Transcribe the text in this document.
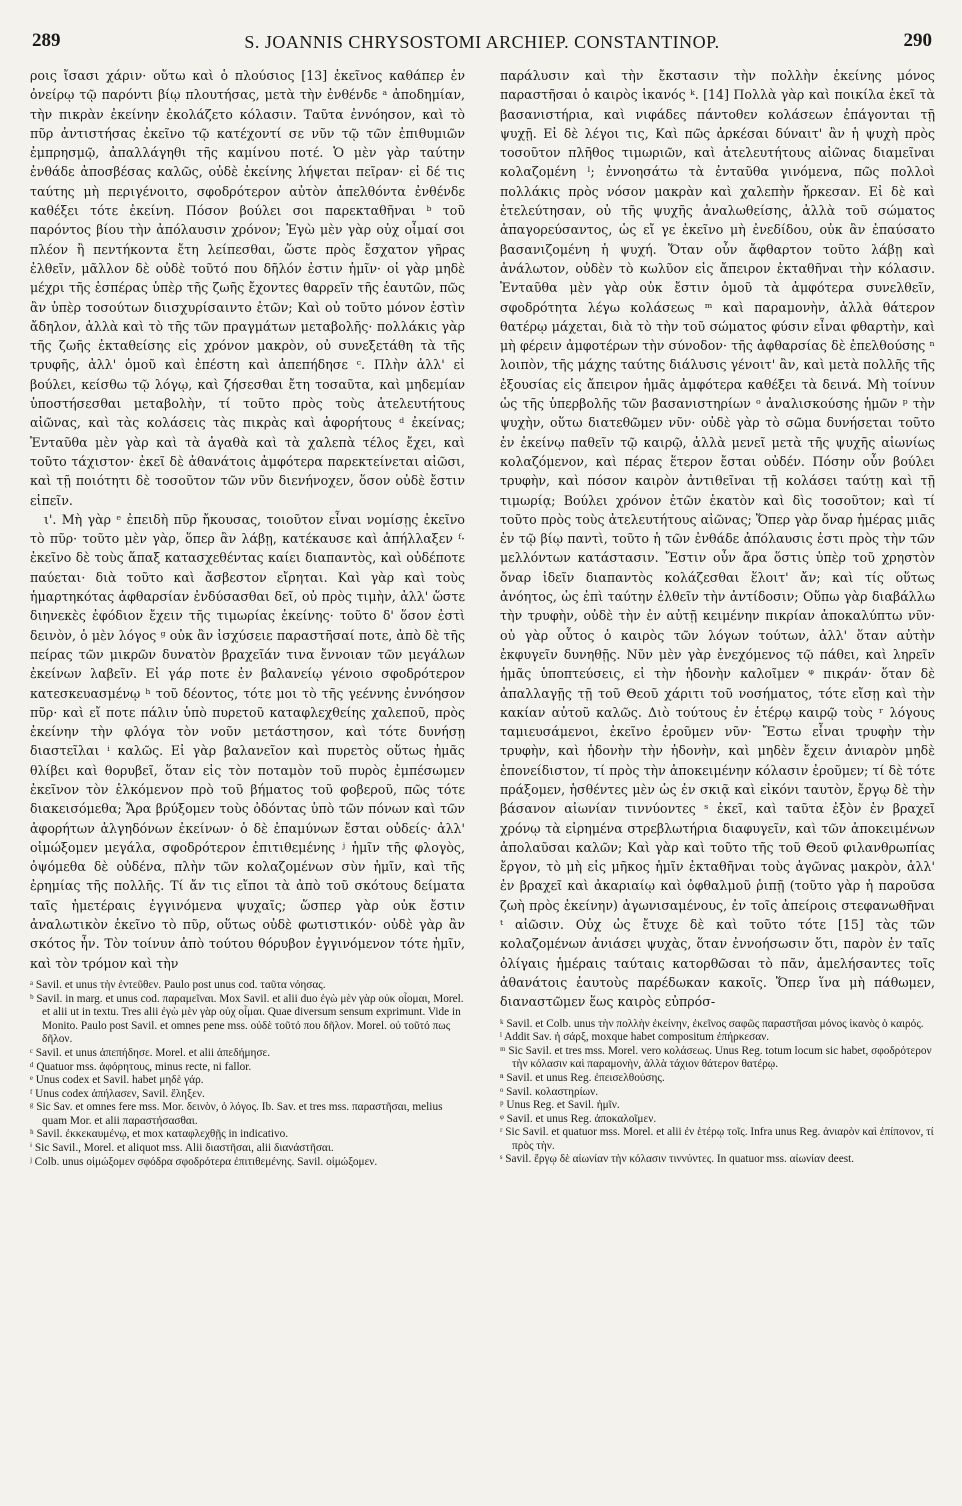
289	S. JOANNIS CHRYSOSTOMI ARCHIEP. CONSTANTINOP.	290

ροις ἴσασι χάριν· οὕτω καὶ ὁ πλούσιος [13] ἐκεῖνος καθάπερ ἐν ὀνείρῳ τῷ παρόντι βίῳ πλουτήσας, μετὰ τὴν ἐνθένδε ᵃ ἀποδημίαν, τὴν πικρὰν ἐκείνην ἐκολάζετο κόλασιν. Ταῦτα ἐννόησον, καὶ τὸ πῦρ ἀντιστήσας ἐκεῖνο τῷ κατέχοντί σε νῦν τῷ τῶν ἐπιθυμιῶν ἐμπρησμῷ, ἀπαλλάγηθι τῆς καμίνου ποτέ. Ὁ μὲν γὰρ ταύτην ἐνθάδε ἀποσβέσας καλῶς, οὐδὲ ἐκείνης λήψεται πεῖραν· εἰ δέ τις ταύτης μὴ περιγένοιτο, σφοδρότερον αὐτὸν ἀπελθόντα ἐνθένδε καθέξει τότε ἐκείνη. Πόσον βούλει σοι παρεκταθῆναι ᵇ τοῦ παρόντος βίου τὴν ἀπόλαυσιν χρόνον; Ἐγὼ μὲν γὰρ οὐχ οἶμαί σοι πλέον ἢ πεντήκοντα ἔτη λείπεσθαι, ὥστε πρὸς ἔσχατον γῆρας ἐλθεῖν, μᾶλλον δὲ οὐδὲ τοῦτό που δῆλόν ἐστιν ἡμῖν· οἱ γὰρ μηδὲ μέχρι τῆς ἑσπέρας ὑπὲρ τῆς ζωῆς ἔχοντες θαρρεῖν τῆς ἑαυτῶν, πῶς ἂν ὑπὲρ τοσούτων διισχυρίσαιντο ἐτῶν; Καὶ οὐ τοῦτο μόνον ἐστὶν ἄδηλον, ἀλλὰ καὶ τὸ τῆς τῶν πραγμάτων μεταβολῆς· πολλάκις γὰρ τῆς ζωῆς ἐκταθείσης εἰς χρόνον μακρὸν, οὐ συνεξετάθη τὰ τῆς τρυφῆς, ἀλλ' ὁμοῦ καὶ ἐπέστη καὶ ἀπεπήδησε ᶜ. Πλὴν ἀλλ' εἰ βούλει, κείσθω τῷ λόγῳ, καὶ ζήσεσθαι ἔτη τοσαῦτα, καὶ μηδεμίαν ὑποστήσεσθαι μεταβολὴν, τί τοῦτο πρὸς τοὺς ἀτελευτήτους αἰῶνας, καὶ τὰς κολάσεις τὰς πικρὰς καὶ ἀφορήτους ᵈ ἐκείνας; Ἐνταῦθα μὲν γὰρ καὶ τὰ ἀγαθὰ καὶ τὰ χαλεπὰ τέλος ἔχει, καὶ τοῦτο τάχιστον· ἐκεῖ δὲ ἀθανάτοις ἀμφότερα παρεκτείνεται αἰῶσι, καὶ τῇ ποιότητι δὲ τοσοῦτον τῶν νῦν διενήνοχεν, ὅσον οὐδὲ ἔστιν εἰπεῖν.

ι'. Μὴ γὰρ ᵉ ἐπειδὴ πῦρ ἤκουσας, τοιοῦτον εἶναι νομίσῃς ἐκεῖνο τὸ πῦρ· τοῦτο μὲν γὰρ, ὅπερ ἂν λάβῃ, κατέκαυσε καὶ ἀπήλλαξεν ᶠ· ἐκεῖνο δὲ τοὺς ἅπαξ κατασχεθέντας καίει διαπαντὸς, καὶ οὐδέποτε παύεται· διὰ τοῦτο καὶ ἄσβεστον εἴρηται. Καὶ γὰρ καὶ τοὺς ἡμαρτηκότας ἀφθαρσίαν ἐνδύσασθαι δεῖ, οὐ πρὸς τιμὴν, ἀλλ' ὥστε διηνεκὲς ἐφόδιον ἔχειν τῆς τιμωρίας ἐκείνης· τοῦτο δ' ὅσον ἐστὶ δεινὸν, ὁ μὲν λόγος ᵍ οὐκ ἂν ἰσχύσειε παραστῆσαί ποτε, ἀπὸ δὲ τῆς πείρας τῶν μικρῶν δυνατὸν βραχεῖάν τινα ἔννοιαν τῶν μεγάλων ἐκείνων λαβεῖν. Εἰ γάρ ποτε ἐν βαλανείῳ γένοιο σφοδρότερον κατεσκευασμένῳ ʰ τοῦ δέοντος, τότε μοι τὸ τῆς γεέννης ἐννόησον πῦρ· καὶ εἴ ποτε πάλιν ὑπὸ πυρετοῦ καταφλεχθείης χαλεποῦ, πρὸς ἐκείνην τὴν φλόγα τὸν νοῦν μετάστησον, καὶ τότε δυνήσῃ διαστεῖλαι ⁱ καλῶς. Εἰ γὰρ βαλανεῖον καὶ πυρετὸς οὕτως ἡμᾶς θλίβει καὶ θορυβεῖ, ὅταν εἰς τὸν ποταμὸν τοῦ πυρὸς ἐμπέσωμεν ἐκεῖνον τὸν ἑλκόμενον πρὸ τοῦ βήματος τοῦ φοβεροῦ, πῶς τότε διακεισόμεθα; Ἄρα βρύξομεν τοὺς ὀδόντας ὑπὸ τῶν πόνων καὶ τῶν ἀφορήτων ἀλγηδόνων ἐκείνων· ὁ δὲ ἐπαμύνων ἔσται οὐδείς· ἀλλ' οἰμώξομεν μεγάλα, σφοδρότερον ἐπιτιθεμένης ʲ ἡμῖν τῆς φλογὸς, ὀψόμεθα δὲ οὐδένα, πλὴν τῶν κολαζομένων σὺν ἡμῖν, καὶ τῆς ἐρημίας τῆς πολλῆς. Τί ἄν τις εἴποι τὰ ἀπὸ τοῦ σκότους δείματα ταῖς ἡμετέραις ἐγγινόμενα ψυχαῖς; ὥσπερ γὰρ οὐκ ἔστιν ἀναλωτικὸν ἐκεῖνο τὸ πῦρ, οὕτως οὐδὲ φωτιστικόν· οὐδὲ γὰρ ἂν σκότος ἦν. Τὸν τοίνυν ἀπὸ τούτου θόρυβον ἐγγινόμενον τότε ἡμῖν, καὶ τὸν τρόμον καὶ τὴν

ᵃ Savil. et unus τὴν ἐντεῦθεν. Paulo post unus cod. ταῦτα νόησας.
ᵇ Savil. in marg. et unus cod. παραμεῖναι. Mox Savil. et alii duo ἐγὼ μὲν γὰρ οὐκ οἶομαι, Morel. et alii ut in textu. Tres alii ἐγὼ μὲν γὰρ οὐχ οἶμαι. Quae diversum sensum exprimunt. Vide in Monito. Paulo post Savil. et omnes pene mss. οὐδὲ τοῦτό που δῆλον. Morel. οὐ τοῦτό πως δῆλον.
ᶜ Savil. et unus ἀπεπήδησε. Morel. et alii ἀπεδήμησε.
ᵈ Quatuor mss. ἀφόρητους, minus recte, ni fallor.
ᵉ Unus codex et Savil. habet μηδὲ γάρ.
ᶠ Unus codex ἀπήλασεν, Savil. ἔληξεν.
ᵍ Sic Sav. et omnes fere mss. Mor. δεινὸν, ὁ λόγος. Ib. Sav. et tres mss. παραστῆσαι, melius quam Mor. et alii παραστήσασθαι.
ʰ Savil. ἐκκεκαυμένῳ, et mox καταφλεχθῇς in indicativo.
ⁱ Sic Savil., Morel. et aliquot mss. Alii διαστῆσαι, alii διανάστῆσαι.
ʲ Colb. unus οἰμώξομεν σφόδρα σφοδρότερα ἐπιτιθεμένης. Savil. οἰμώξομεν.

παράλυσιν καὶ τὴν ἔκστασιν τὴν πολλὴν ἐκείνης μόνος παραστῆσαι ὁ καιρὸς ἱκανός ᵏ. [14] Πολλὰ γὰρ καὶ ποικίλα ἐκεῖ τὰ βασανιστήρια, καὶ νιφάδες πάντοθεν κολάσεων ἐπάγονται τῇ ψυχῇ. Εἰ δὲ λέγοι τις, Καὶ πῶς ἀρκέσαι δύναιτ' ἂν ἡ ψυχὴ πρὸς τοσοῦτον πλῆθος τιμωριῶν, καὶ ἀτελευτήτους αἰῶνας διαμεῖναι κολαζομένη ˡ; ἐννοησάτω τὰ ἐνταῦθα γινόμενα, πῶς πολλοὶ πολλάκις πρὸς νόσον μακρὰν καὶ χαλεπὴν ἤρκεσαν. Εἰ δὲ καὶ ἐτελεύτησαν, οὐ τῆς ψυχῆς ἀναλωθείσης, ἀλλὰ τοῦ σώματος ἀπαγορεύσαντος, ὡς εἴ γε ἐκεῖνο μὴ ἐνεδίδου, οὐκ ἂν ἐπαύσατο βασανιζομένη ἡ ψυχή. Ὅταν οὖν ἄφθαρτον τοῦτο λάβῃ καὶ ἀνάλωτον, οὐδὲν τὸ κωλῦον εἰς ἄπειρον ἐκταθῆναι τὴν κόλασιν. Ἐνταῦθα μὲν γὰρ οὐκ ἔστιν ὁμοῦ τὰ ἀμφότερα συνελθεῖν, σφοδρότητα λέγω κολάσεως ᵐ καὶ παραμονὴν, ἀλλὰ θάτερον θατέρῳ μάχεται, διὰ τὸ τὴν τοῦ σώματος φύσιν εἶναι φθαρτὴν, καὶ μὴ φέρειν ἀμφοτέρων τὴν σύνοδον· τῆς ἀφθαρσίας δὲ ἐπελθούσης ⁿ λοιπὸν, τῆς μάχης ταύτης διάλυσις γένοιτ' ἂν, καὶ μετὰ πολλῆς τῆς ἐξουσίας εἰς ἄπειρον ἡμᾶς ἀμφότερα καθέξει τὰ δεινά. Μὴ τοίνυν ὡς τῆς ὑπερβολῆς τῶν βασανιστηρίων ᵒ ἀναλισκούσης ἡμῶν ᵖ τὴν ψυχὴν, οὕτω διατεθῶμεν νῦν· οὐδὲ γὰρ τὸ σῶμα δυνήσεται τοῦτο ἐν ἐκείνῳ παθεῖν τῷ καιρῷ, ἀλλὰ μενεῖ μετὰ τῆς ψυχῆς αἰωνίως κολαζόμενον, καὶ πέρας ἕτερον ἔσται οὐδέν. Πόσην οὖν βούλει τρυφὴν, καὶ πόσον καιρὸν ἀντιθεῖναι τῇ κολάσει ταύτῃ καὶ τῇ τιμωρίᾳ; Βούλει χρόνον ἐτῶν ἑκατὸν καὶ δὶς τοσοῦτον; καὶ τί τοῦτο πρὸς τοὺς ἀτελευτήτους αἰῶνας; Ὅπερ γὰρ ὄναρ ἡμέρας μιᾶς ἐν τῷ βίῳ παντὶ, τοῦτο ἡ τῶν ἐνθάδε ἀπόλαυσις ἐστι πρὸς τὴν τῶν μελλόντων κατάστασιν. Ἔστιν οὖν ἄρα ὅστις ὑπὲρ τοῦ χρηστὸν ὄναρ ἰδεῖν διαπαντὸς κολάζεσθαι ἕλοιτ' ἄν; καὶ τίς οὕτως ἀνόητος, ὡς ἐπὶ ταύτην ἐλθεῖν τὴν ἀντίδοσιν; Οὕπω γὰρ διαβάλλω τὴν τρυφὴν, οὐδὲ τὴν ἐν αὐτῇ κειμένην πικρίαν ἀποκαλύπτω νῦν· οὐ γὰρ οὗτος ὁ καιρὸς τῶν λόγων τούτων, ἀλλ' ὅταν αὐτὴν ἐκφυγεῖν δυνηθῇς. Νῦν μὲν γὰρ ἐνεχόμενος τῷ πάθει, καὶ ληρεῖν ἡμᾶς ὑποπτεύσεις, εἰ τὴν ἡδονὴν καλοῖμεν ᵠ πικράν· ὅταν δὲ ἀπαλλαγῇς τῇ τοῦ Θεοῦ χάριτι τοῦ νοσήματος, τότε εἴσῃ καὶ τὴν κακίαν αὐτοῦ καλῶς. Διὸ τούτους ἐν ἑτέρῳ καιρῷ τοὺς ʳ λόγους ταμιευσάμενοι, ἐκεῖνο ἐροῦμεν νῦν· Ἔστω εἶναι τρυφὴν τὴν τρυφὴν, καὶ ἡδονὴν τὴν ἡδονὴν, καὶ μηδὲν ἔχειν ἀνιαρὸν μηδὲ ἐπονείδιστον, τί πρὸς τὴν ἀποκειμένην κόλασιν ἐροῦμεν; τί δὲ τότε πράξομεν, ἡσθέντες μὲν ὡς ἐν σκιᾷ καὶ εἰκόνι ταυτὸν, ἔργῳ δὲ τὴν βάσανον αἰωνίαν τιννύοντες ˢ ἐκεῖ, καὶ ταῦτα ἐξὸν ἐν βραχεῖ χρόνῳ τὰ εἰρημένα στρεβλωτήρια διαφυγεῖν, καὶ τῶν ἀποκειμένων ἀπολαῦσαι καλῶν; Καὶ γὰρ καὶ τοῦτο τῆς τοῦ Θεοῦ φιλανθρωπίας ἔργον, τὸ μὴ εἰς μῆκος ἡμῖν ἐκταθῆναι τοὺς ἀγῶνας μακρὸν, ἀλλ' ἐν βραχεῖ καὶ ἀκαριαίῳ καὶ ὀφθαλμοῦ ῥιπῇ (τοῦτο γὰρ ἡ παροῦσα ζωὴ πρὸς ἐκείνην) ἀγωνισαμένους, ἐν τοῖς ἀπείροις στεφανωθῆναι ᵗ αἰῶσιν. Οὐχ ὡς ἔτυχε δὲ καὶ τοῦτο τότε [15] τὰς τῶν κολαζομένων ἀνιάσει ψυχὰς, ὅταν ἐννοήσωσιν ὅτι, παρὸν ἐν ταῖς ὀλίγαις ἡμέραις ταύταις κατορθῶσαι τὸ πᾶν, ἀμελήσαντες τοῖς ἀθανάτοις ἑαυτοὺς παρέδωκαν κακοῖς. Ὅπερ ἵνα μὴ πάθωμεν, διαναστῶμεν ἕως καιρὸς εὐπρόσ-

ᵏ Savil. et Colb. unus τὴν πολλὴν ἐκείνην, ἐκεῖνος σαφῶς παραστῆσαι μόνος ἱκανὸς ὁ καιρός.
ˡ Addit Sav. ἡ σάρξ, moxque habet compositum ἐπήρκεσαν.
ᵐ Sic Savil. et tres mss. Morel. vero κολάσεως. Unus Reg. totum locum sic habet, σφοδρότερον τὴν κόλασιν καὶ παραμονὴν, ἀλλὰ τάχιον θάτερον θατέρῳ.
ⁿ Savil. et unus Reg. ἐπεισελθούσης.
ᵒ Savil. κολαστηρίων.
ᵖ Unus Reg. et Savil. ἡμῖν.
ᵠ Savil. et unus Reg. ἀποκαλοῖμεν.
ʳ Sic Savil. et quatuor mss. Morel. et alii ἐν ἑτέρῳ τοῖς. Infra unus Reg. ἀνιαρὸν καὶ ἐπίπονον, τί πρὸς τὴν.
ˢ Savil. ἔργῳ δὲ αἰωνίαν τὴν κόλασιν τιννύντες. In quatuor mss. αἰωνίαν deest.
